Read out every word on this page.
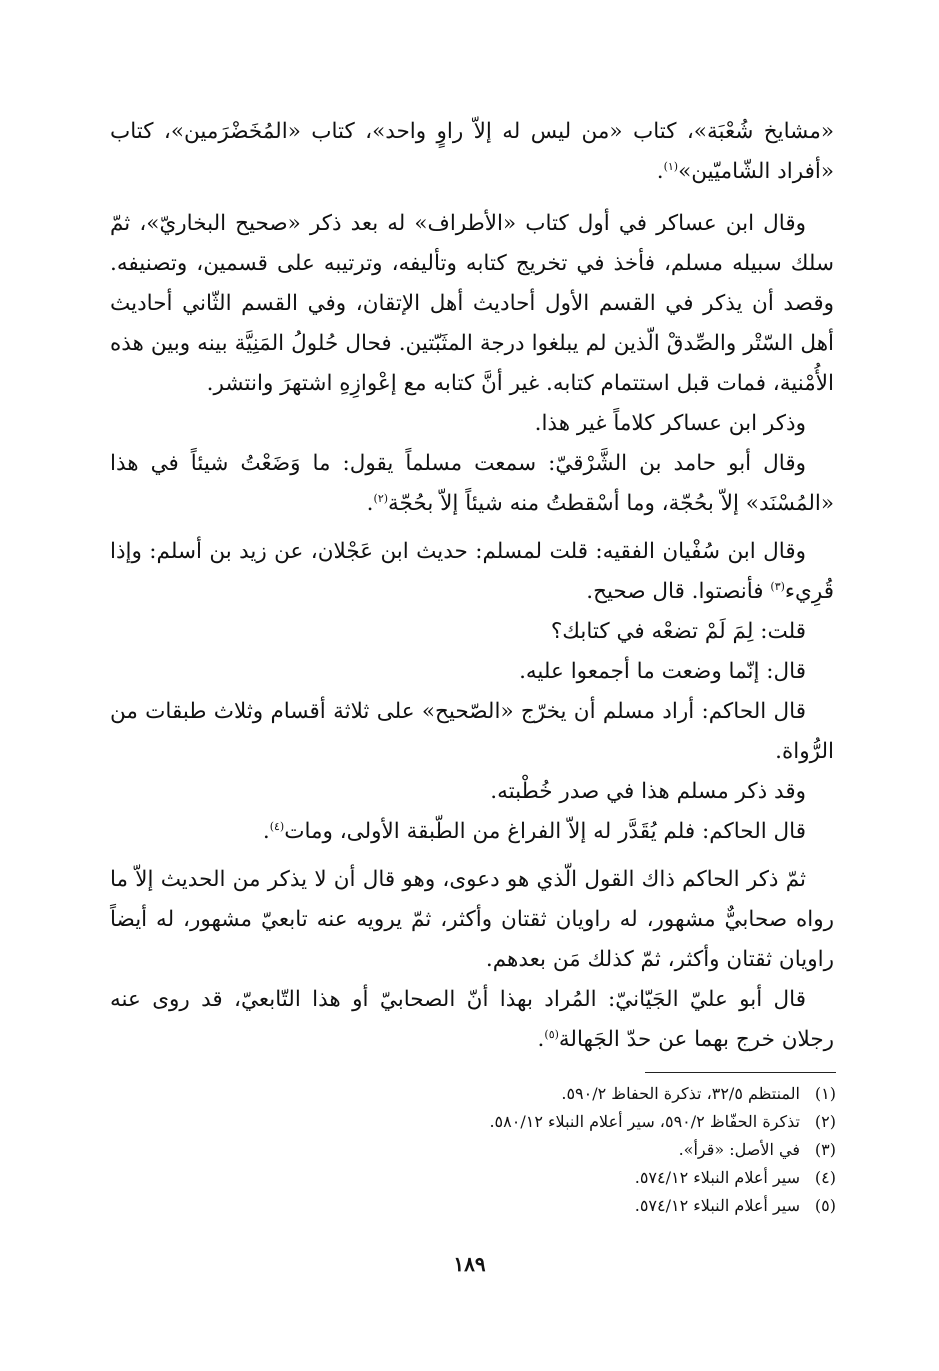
«مشايخ شُعْبَة»، كتاب «من ليس له إلاّ راوٍ واحد»، كتاب «المُخَضْرَمين»، كتاب «أفراد الشّاميّين»$^{(١)}$.

وقال ابن عساكر في أول كتاب «الأطراف» له بعد ذكر «صحيح البخاريّ»، ثمّ سلك سبيله مسلم، فأخذ في تخريج كتابه وتأليفه، وترتيبه على قسمين، وتصنيفه. وقصد أن يذكر في القسم الأول أحاديث أهل الإتقان، وفي القسم الثّاني أحاديث أهل السّتْر والصِّدقْ الّذين لم يبلغوا درجة المثَبّتين. فحال حُلولُ المَنِيَّة بينه وبين هذه الأُمْنية، فمات قبل استتمام كتابه. غير أنَّ كتابه مع إعْوازِهِ اشتهرَ وانتشر.

وذكر ابن عساكر كلاماً غير هذا.

وقال أبو حامد بن الشَّرْقيّ: سمعت مسلماً يقول: ما وَضَعْتُ شيئاً في هذا «المُسْنَد» إلاّ بحُجّة، وما أسْقطتُ منه شيئاً إلاّ بحُجّة$^{(٢)}$.

وقال ابن سُفْيان الفقيه: قلت لمسلم: حديث ابن عَجْلان، عن زيد بن أسلم: وإذا قُرِيء$^{(٣)}$ فأنصتوا. قال صحيح.

قلت: لِمَ لَمْ تضعْه في كتابك؟

قال: إنّما وضعت ما أجمعوا عليه.

قال الحاكم: أراد مسلم أن يخرّج «الصّحيح» على ثلاثة أقسام وثلاث طبقات من الرُّواة.

وقد ذكر مسلم هذا في صدر خُطْبته.

قال الحاكم: فلم يُقَدَّر له إلاّ الفراغ من الطّبقة الأولى، ومات$^{(٤)}$.

ثمّ ذكر الحاكم ذاك القول الّذي هو دعوى، وهو قال أن لا يذكر من الحديث إلاّ ما رواه صحابيٌّ مشهور، له راويان ثقتان وأكثر، ثمّ يرويه عنه تابعيّ مشهور، له أيضاً راويان ثقتان وأكثر، ثمّ كذلك مَن بعدهم.

قال أبو عليّ الجَيّانيّ: المُراد بهذا أنّ الصحابيّ أو هذا التّابعيّ، قد روى عنه رجلان خرج بهما عن حدّ الجَهالة$^{(٥)}$.

(١)المنتظم ٣٢/٥، تذكرة الحفاظ ٥٩٠/٢.
(٢)تذكرة الحفّاظ ٥٩٠/٢، سير أعلام النبلاء ٥٨٠/١٢.
(٣)في الأصل: «قرأ».
(٤)سير أعلام النبلاء ٥٧٤/١٢.
(٥)سير أعلام النبلاء ٥٧٤/١٢.
١٨٩
